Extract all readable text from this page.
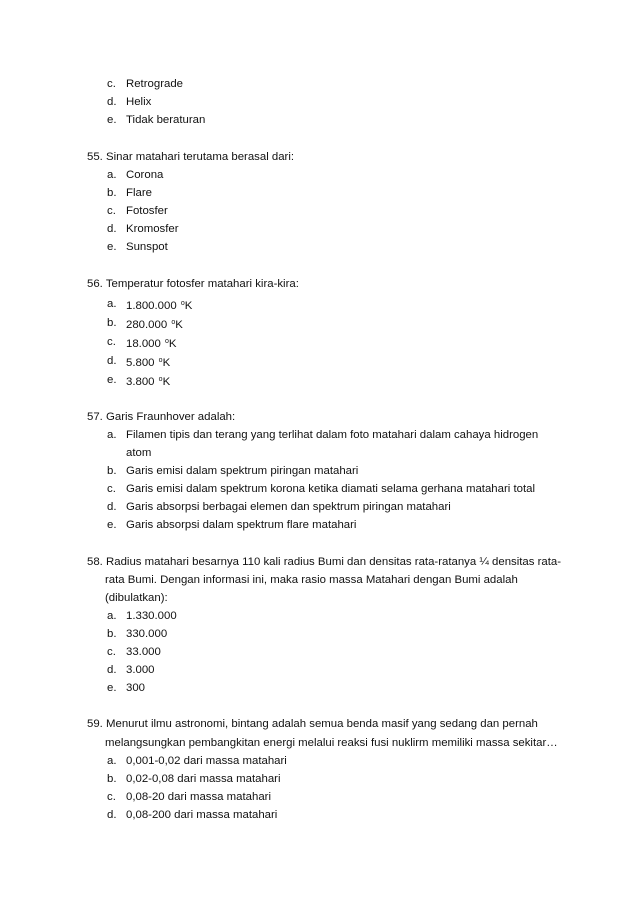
c. Retrograde
d. Helix
e. Tidak beraturan
55. Sinar matahari terutama berasal dari:
a. Corona
b. Flare
c. Fotosfer
d. Kromosfer
e. Sunspot
56. Temperatur fotosfer matahari kira-kira:
a. 1.800.000 $^o$K
b. 280.000 $^o$K
c. 18.000 $^o$K
d. 5.800 $^o$K
e. 3.800 $^o$K
57. Garis Fraunhover adalah:
a. Filamen tipis dan terang yang terlihat dalam foto matahari dalam cahaya hidrogen
atom
b. Garis emisi dalam spektrum piringan matahari
c. Garis emisi dalam spektrum korona ketika diamati selama gerhana matahari total
d. Garis absorpsi berbagai elemen dan spektrum piringan matahari
e. Garis absorpsi dalam spektrum flare matahari
58. Radius matahari besarnya 110 kali radius Bumi dan densitas rata-ratanya ¼ densitas rata-
rata Bumi. Dengan informasi ini, maka rasio massa Matahari dengan Bumi adalah
(dibulatkan):
a. 1.330.000
b. 330.000
c. 33.000
d. 3.000
e. 300
59. Menurut ilmu astronomi, bintang adalah semua benda masif yang sedang dan pernah
melangsungkan pembangkitan energi melalui reaksi fusi nuklirm memiliki massa sekitar…
a. 0,001-0,02 dari massa matahari
b. 0,02-0,08 dari massa matahari
c. 0,08-20 dari massa matahari
d. 0,08-200 dari massa matahari
